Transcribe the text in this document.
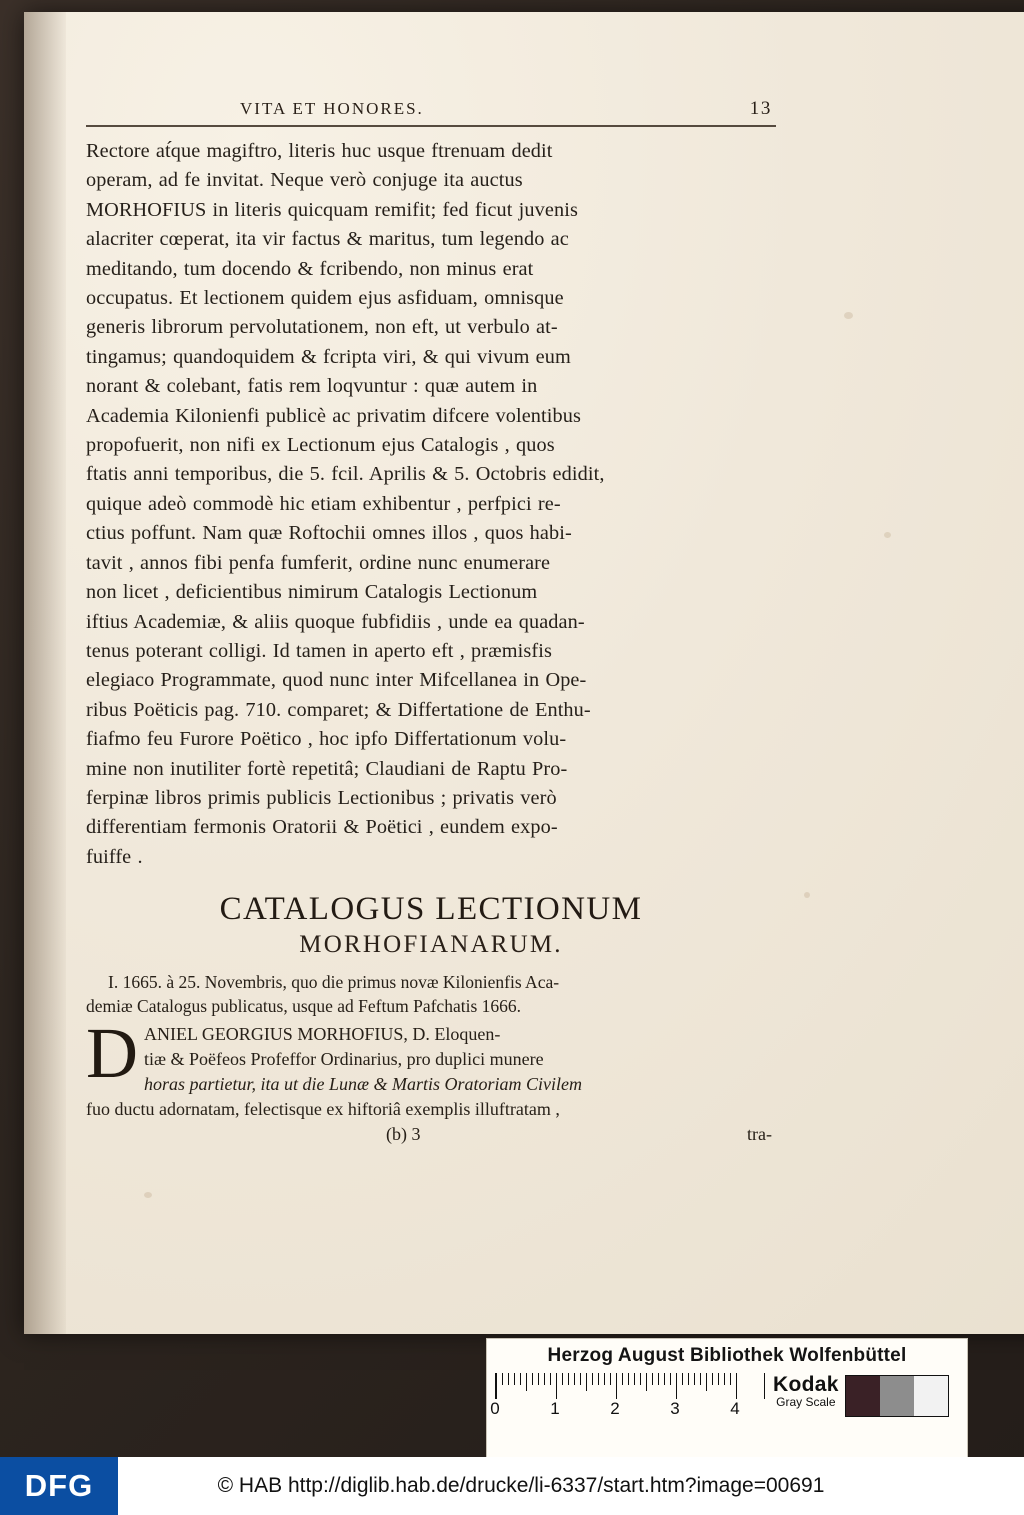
VITA ET HONORES.	13
Rectore at́que magiftro, literis huc usque ftrenuam dedit
operam, ad fe invitat. Neque verò conjuge ita auctus
MORHOFIUS in literis quicquam remifit; fed ficut juvenis
alacriter cœperat, ita vir factus & maritus, tum legendo ac
meditando, tum docendo & fcribendo, non minus erat
occupatus. Et lectionem quidem ejus asfiduam, omnisque
generis librorum pervolutationem, non eft, ut verbulo at-
tingamus; quandoquidem & fcripta viri, & qui vivum eum
norant & colebant, fatis rem loqvuntur : quæ autem in
Academia Kilonienfi publicè ac privatim difcere volentibus
propofuerit, non nifi ex Lectionum ejus Catalogis , quos
ftatis anni temporibus, die 5. fcil. Aprilis & 5. Octobris edidit,
quique adeò commodè hic etiam exhibentur , perfpici re-
ctius poffunt. Nam quæ Roftochii omnes illos , quos habi-
tavit , annos fibi penfa fumferit, ordine nunc enumerare
non licet , deficientibus nimirum Catalogis Lectionum
iftius Academiæ, & aliis quoque fubfidiis , unde ea quadan-
tenus poterant colligi. Id tamen in aperto eft , præmisfis
elegiaco Programmate, quod nunc inter Mifcellanea in Ope-
ribus Poëticis pag. 710. comparet; & Differtatione de Enthu-
fiafmo feu Furore Poëtico , hoc ipfo Differtationum volu-
mine non inutiliter fortè repetitâ; Claudiani de Raptu Pro-
ferpinæ libros primis publicis Lectionibus ; privatis verò
differentiam fermonis Oratorii & Poëtici , eundem expo-
fuiffe .
CATALOGUS LECTIONUM
MORHOFIANARUM.
I. 1665. à 25. Novembris, quo die primus novæ Kilonienfis Aca-
demiæ Catalogus publicatus, usque ad Feftum Pafchatis 1666.
D ANIEL GEORGIUS MORHOFIUS, D. Eloquen-
tiæ & Poëfeos Profeffor Ordinarius, pro duplici munere
horas partietur, ita ut die Lunæ & Martis Oratoriam Civilem
fuo ductu adornatam, felectisque ex hiftoriâ exemplis illuftratam ,
(b) 3	tra-
Herzog August Bibliothek Wolfenbüttel
0	1	2	3	4
Kodak
Gray Scale
DFG	© HAB http://diglib.hab.de/drucke/li-6337/start.htm?image=00691
